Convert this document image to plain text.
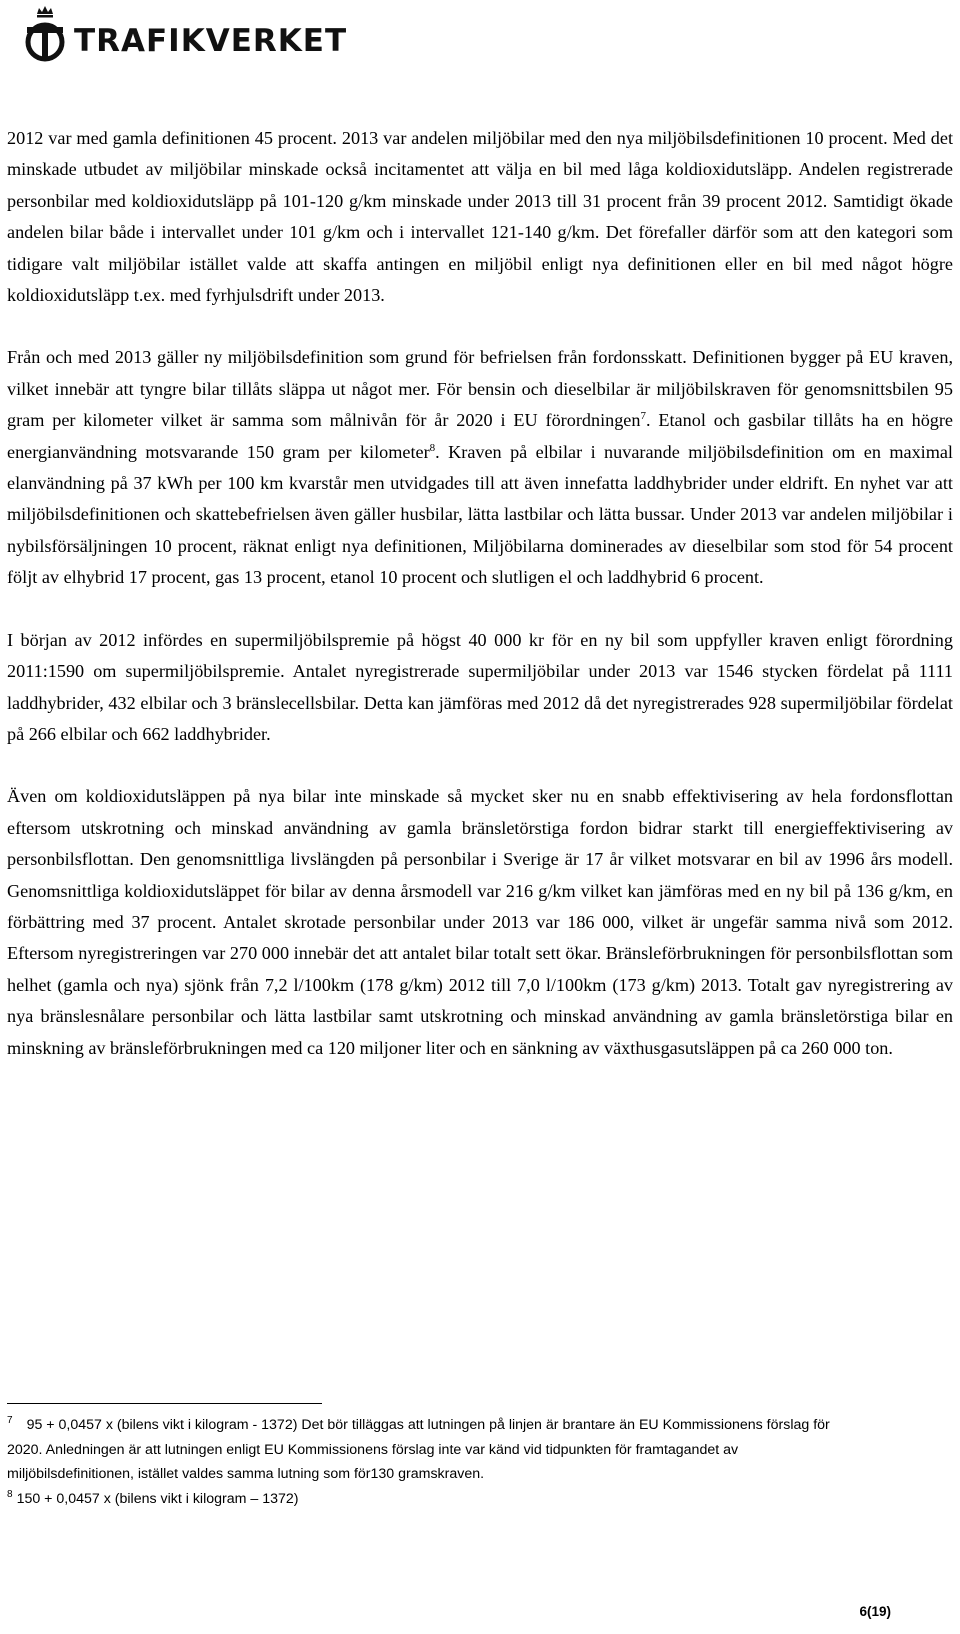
TRAFIKVERKET

2012 var med gamla definitionen 45 procent. 2013 var andelen miljöbilar med den nya miljöbilsdefinitionen 10 procent. Med det minskade utbudet av miljöbilar minskade också incitamentet att välja en bil med låga koldioxidutsläpp. Andelen registrerade personbilar med koldioxidutsläpp på 101-120 g/km minskade under 2013 till 31 procent från 39 procent 2012. Samtidigt ökade andelen bilar både i intervallet under 101 g/km och i intervallet 121-140 g/km. Det förefaller därför som att den kategori som tidigare valt miljöbilar istället valde att skaffa antingen en miljöbil enligt nya definitionen eller en bil med något högre koldioxidutsläpp t.ex. med fyrhjulsdrift under 2013.

Från och med 2013 gäller ny miljöbilsdefinition som grund för befrielsen från fordonsskatt. Definitionen bygger på EU kraven, vilket innebär att tyngre bilar tillåts släppa ut något mer. För bensin och dieselbilar är miljöbilskraven för genomsnittsbilen 95 gram per kilometer vilket är samma som målnivån för år 2020 i EU förordningen$^7$. Etanol och gasbilar tillåts ha en högre energianvändning motsvarande 150 gram per kilometer$^8$. Kraven på elbilar i nuvarande miljöbilsdefinition om en maximal elanvändning på 37 kWh per 100 km kvarstår men utvidgades till att även innefatta laddhybrider under eldrift. En nyhet var att miljöbilsdefinitionen och skattebefrielsen även gäller husbilar, lätta lastbilar och lätta bussar. Under 2013 var andelen miljöbilar i nybilsförsäljningen 10 procent, räknat enligt nya definitionen, Miljöbilarna dominerades av dieselbilar som stod för 54 procent följt av elhybrid 17 procent, gas 13 procent, etanol 10 procent och slutligen el och laddhybrid 6 procent.

I början av 2012 infördes en supermiljöbilspremie på högst 40 000 kr för en ny bil som uppfyller kraven enligt förordning 2011:1590 om supermiljöbilspremie. Antalet nyregistrerade supermiljöbilar under 2013 var 1546 stycken fördelat på 1111 laddhybrider, 432 elbilar och 3 bränslecellsbilar. Detta kan jämföras med 2012 då det nyregistrerades 928 supermiljöbilar fördelat på 266 elbilar och 662 laddhybrider.

Även om koldioxidutsläppen på nya bilar inte minskade så mycket sker nu en snabb effektivisering av hela fordonsflottan eftersom utskrotning och minskad användning av gamla bränsletörstiga fordon bidrar starkt till energieffektivisering av personbilsflottan. Den genomsnittliga livslängden på personbilar i Sverige är 17 år vilket motsvarar en bil av 1996 års modell. Genomsnittliga koldioxidutsläppet för bilar av denna årsmodell var 216 g/km vilket kan jämföras med en ny bil på 136 g/km, en förbättring med 37 procent. Antalet skrotade personbilar under 2013 var 186 000, vilket är ungefär samma nivå som 2012. Eftersom nyregistreringen var 270 000 innebär det att antalet bilar totalt sett ökar. Bränsleförbrukningen för personbilsflottan som helhet (gamla och nya) sjönk från 7,2 l/100km (178 g/km) 2012 till 7,0 l/100km (173 g/km) 2013. Totalt gav nyregistrering av nya bränslesnålare personbilar och lätta lastbilar samt utskrotning och minskad användning av gamla bränsletörstiga bilar en minskning av bränsleförbrukningen med ca 120 miljoner liter och en sänkning av växthusgasutsläppen på ca 260 000 ton.

$^7$ 95 + 0,0457 x (bilens vikt i kilogram - 1372) Det bör tilläggas att lutningen på linjen är brantare än EU Kommissionens förslag för 2020. Anledningen är att lutningen enligt EU Kommissionens förslag inte var känd vid tidpunkten för framtagandet av miljöbilsdefinitionen, istället valdes samma lutning som för130 gramskraven.

$^8$ 150 + 0,0457 x (bilens vikt i kilogram – 1372)

6(19)
